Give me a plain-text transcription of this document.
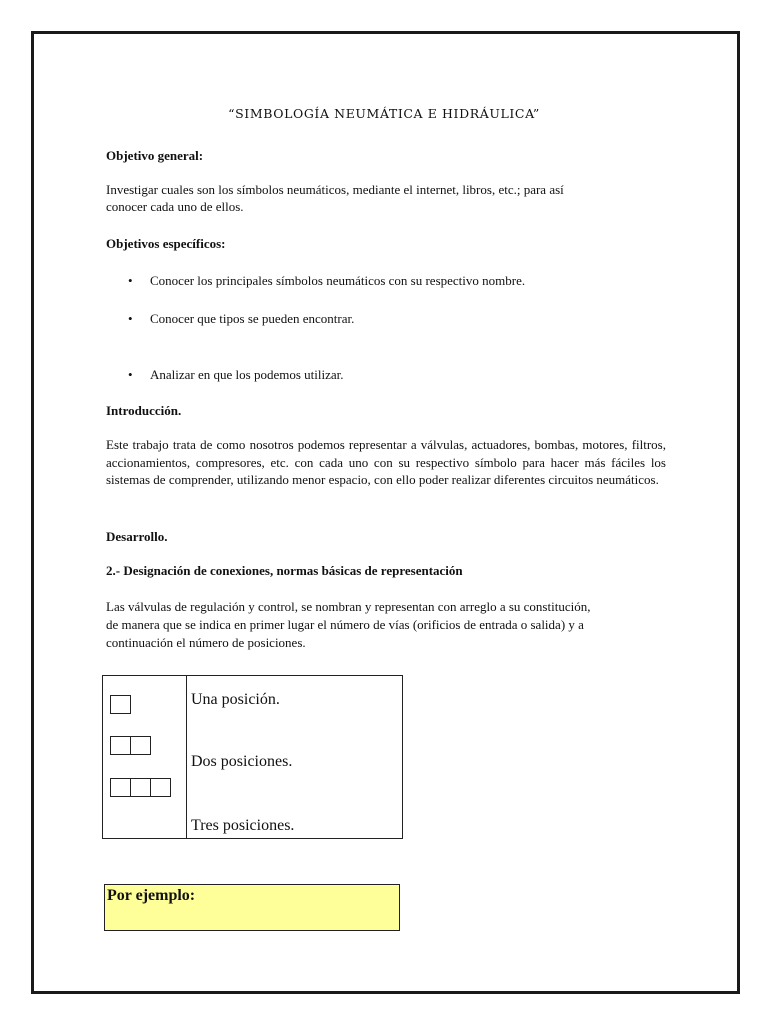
“SIMBOLOGÍA NEUMÁTICA E HIDRÁULICA”
Objetivo general:
Investigar cuales son los símbolos neumáticos, mediante el internet, libros, etc.; para así
conocer cada uno de ellos.
Objetivos específicos:
• Conocer los principales símbolos neumáticos con su respectivo nombre.
• Conocer que tipos se pueden encontrar.
• Analizar en que los podemos utilizar.
Introducción.
Este trabajo trata de como nosotros podemos representar a válvulas, actuadores, bombas, motores, filtros, accionamientos, compresores, etc. con cada uno con su respectivo símbolo para hacer más fáciles los sistemas de comprender, utilizando menor espacio, con ello poder realizar diferentes circuitos neumáticos.
Desarrollo.
2.- Designación de conexiones, normas básicas de representación
Las válvulas de regulación y control, se nombran y representan con arreglo a su constitución,
de manera que se indica en primer lugar el número de vías (orificios de entrada o salida) y a
continuación el número de posiciones.

Una posición.
Dos posiciones.
Tres posiciones.
Por ejemplo:
